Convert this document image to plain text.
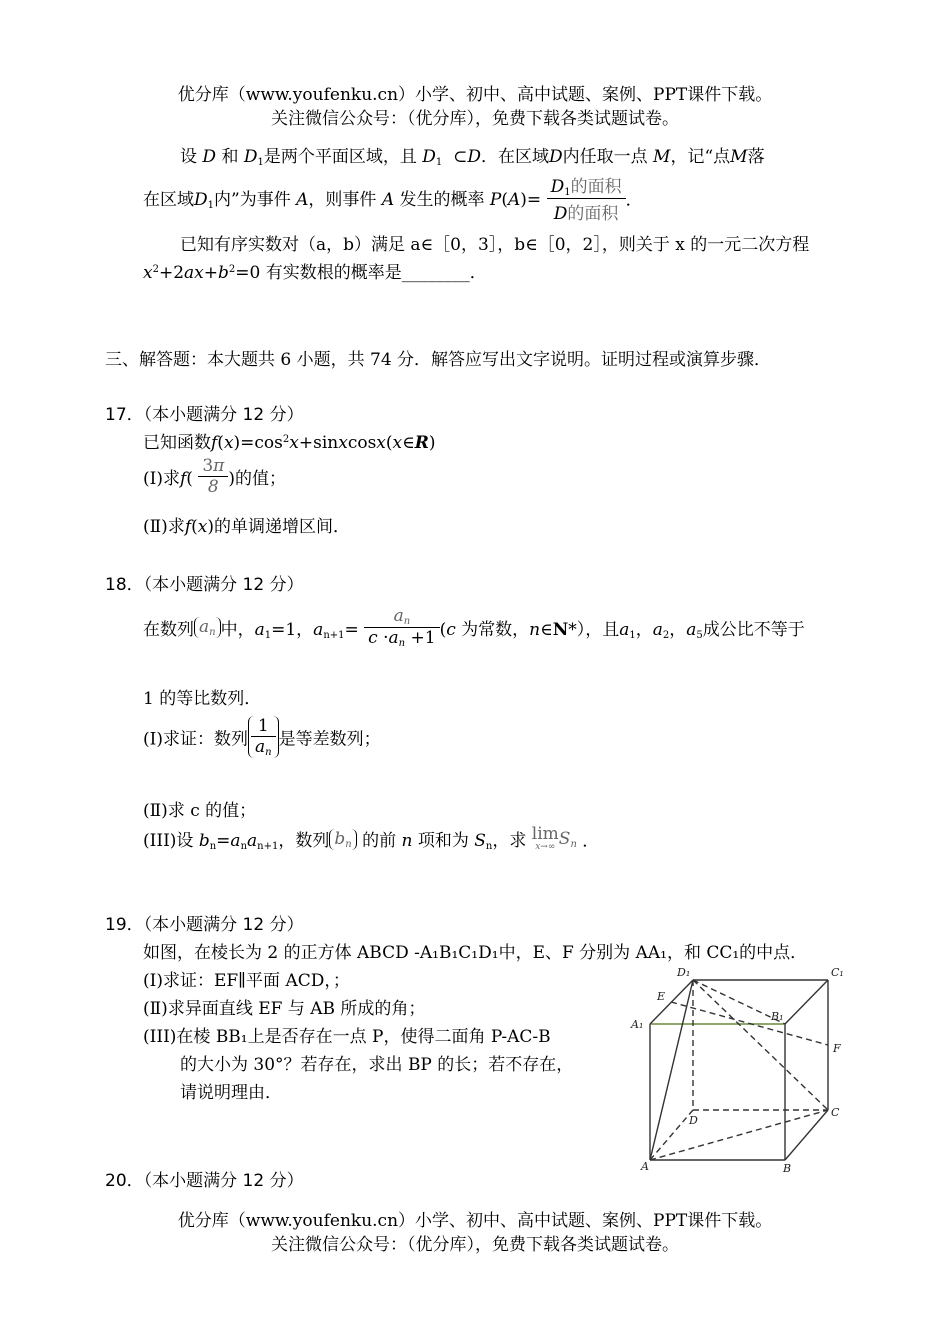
优分库（www.youfenku.cn）小学、初中、高中试题、案例、PPT课件下载。
关注微信公众号：（优分库），免费下载各类试题试卷。
设 D 和 $D_1$是两个平面区域，且 $D_1$  ⊂D．在区域D内任取一点 M，记“点M落
在区域$D_1$内”为事件 A，则事件 A 发生的概率 $P(A)= \frac{D_1的面积}{\text{D的面积}}$ ．
已知有序实数对（a，b）满足 a∈［0，3］，b∈［0，2］，则关于 x 的一元二次方程
$x^2+2ax+b^2=0$ 有实数根的概率是________．
三、解答题：本大题共 6 小题，共 74 分．解答应写出文字说明。证明过程或演算步骤．
17．（本小题满分 12 分）
已知函数$f(x)=\cos^2x+sinxcosx(x\in R)$
(I)求$f( \frac{3\pi}{8}$ )的值；
(Ⅱ)求f(x)的单调递增区间．
18．（本小题满分 12 分）
在数列 $a_n$ 中，$a_1=1$，$a_{n+1}= \frac{a_n}{c \cdot a_n +1} (c$ 为常数，n∈N*），且$a_1$，$a_2$，$a_5$成公比不等于
1 的等比数列．
(I)求证：数列 $\frac{1}{a_n}$ 是等差数列；
(Ⅱ)求 c 的值；
(III)设 $b_n=a_na_{n+1}$，数列 $b_n$ 的前 n 项和为 $S_n$，求 lim
x→∞ $S_n$ ．
19．（本小题满分 12 分）
如图，在棱长为 2 的正方体 ABCD -A₁B₁C₁D₁中，E、F 分别为 AA₁，和 CC₁的中点．
(I)求证：EF∥平面 ACD，；
(Ⅱ)求异面直线 EF 与 AB 所成的角；
(III)在棱 BB₁上是否存在一点 P，使得二面角 P-AC-B
的大小为 30°？若存在，求出 BP 的长；若不存在，
请说明理由．
D₁	C₁
E
A₁
B₁
F
D
C
A	B
20．（本小题满分 12 分）
优分库（www.youfenku.cn）小学、初中、高中试题、案例、PPT课件下载。
关注微信公众号：（优分库），免费下载各类试题试卷。
